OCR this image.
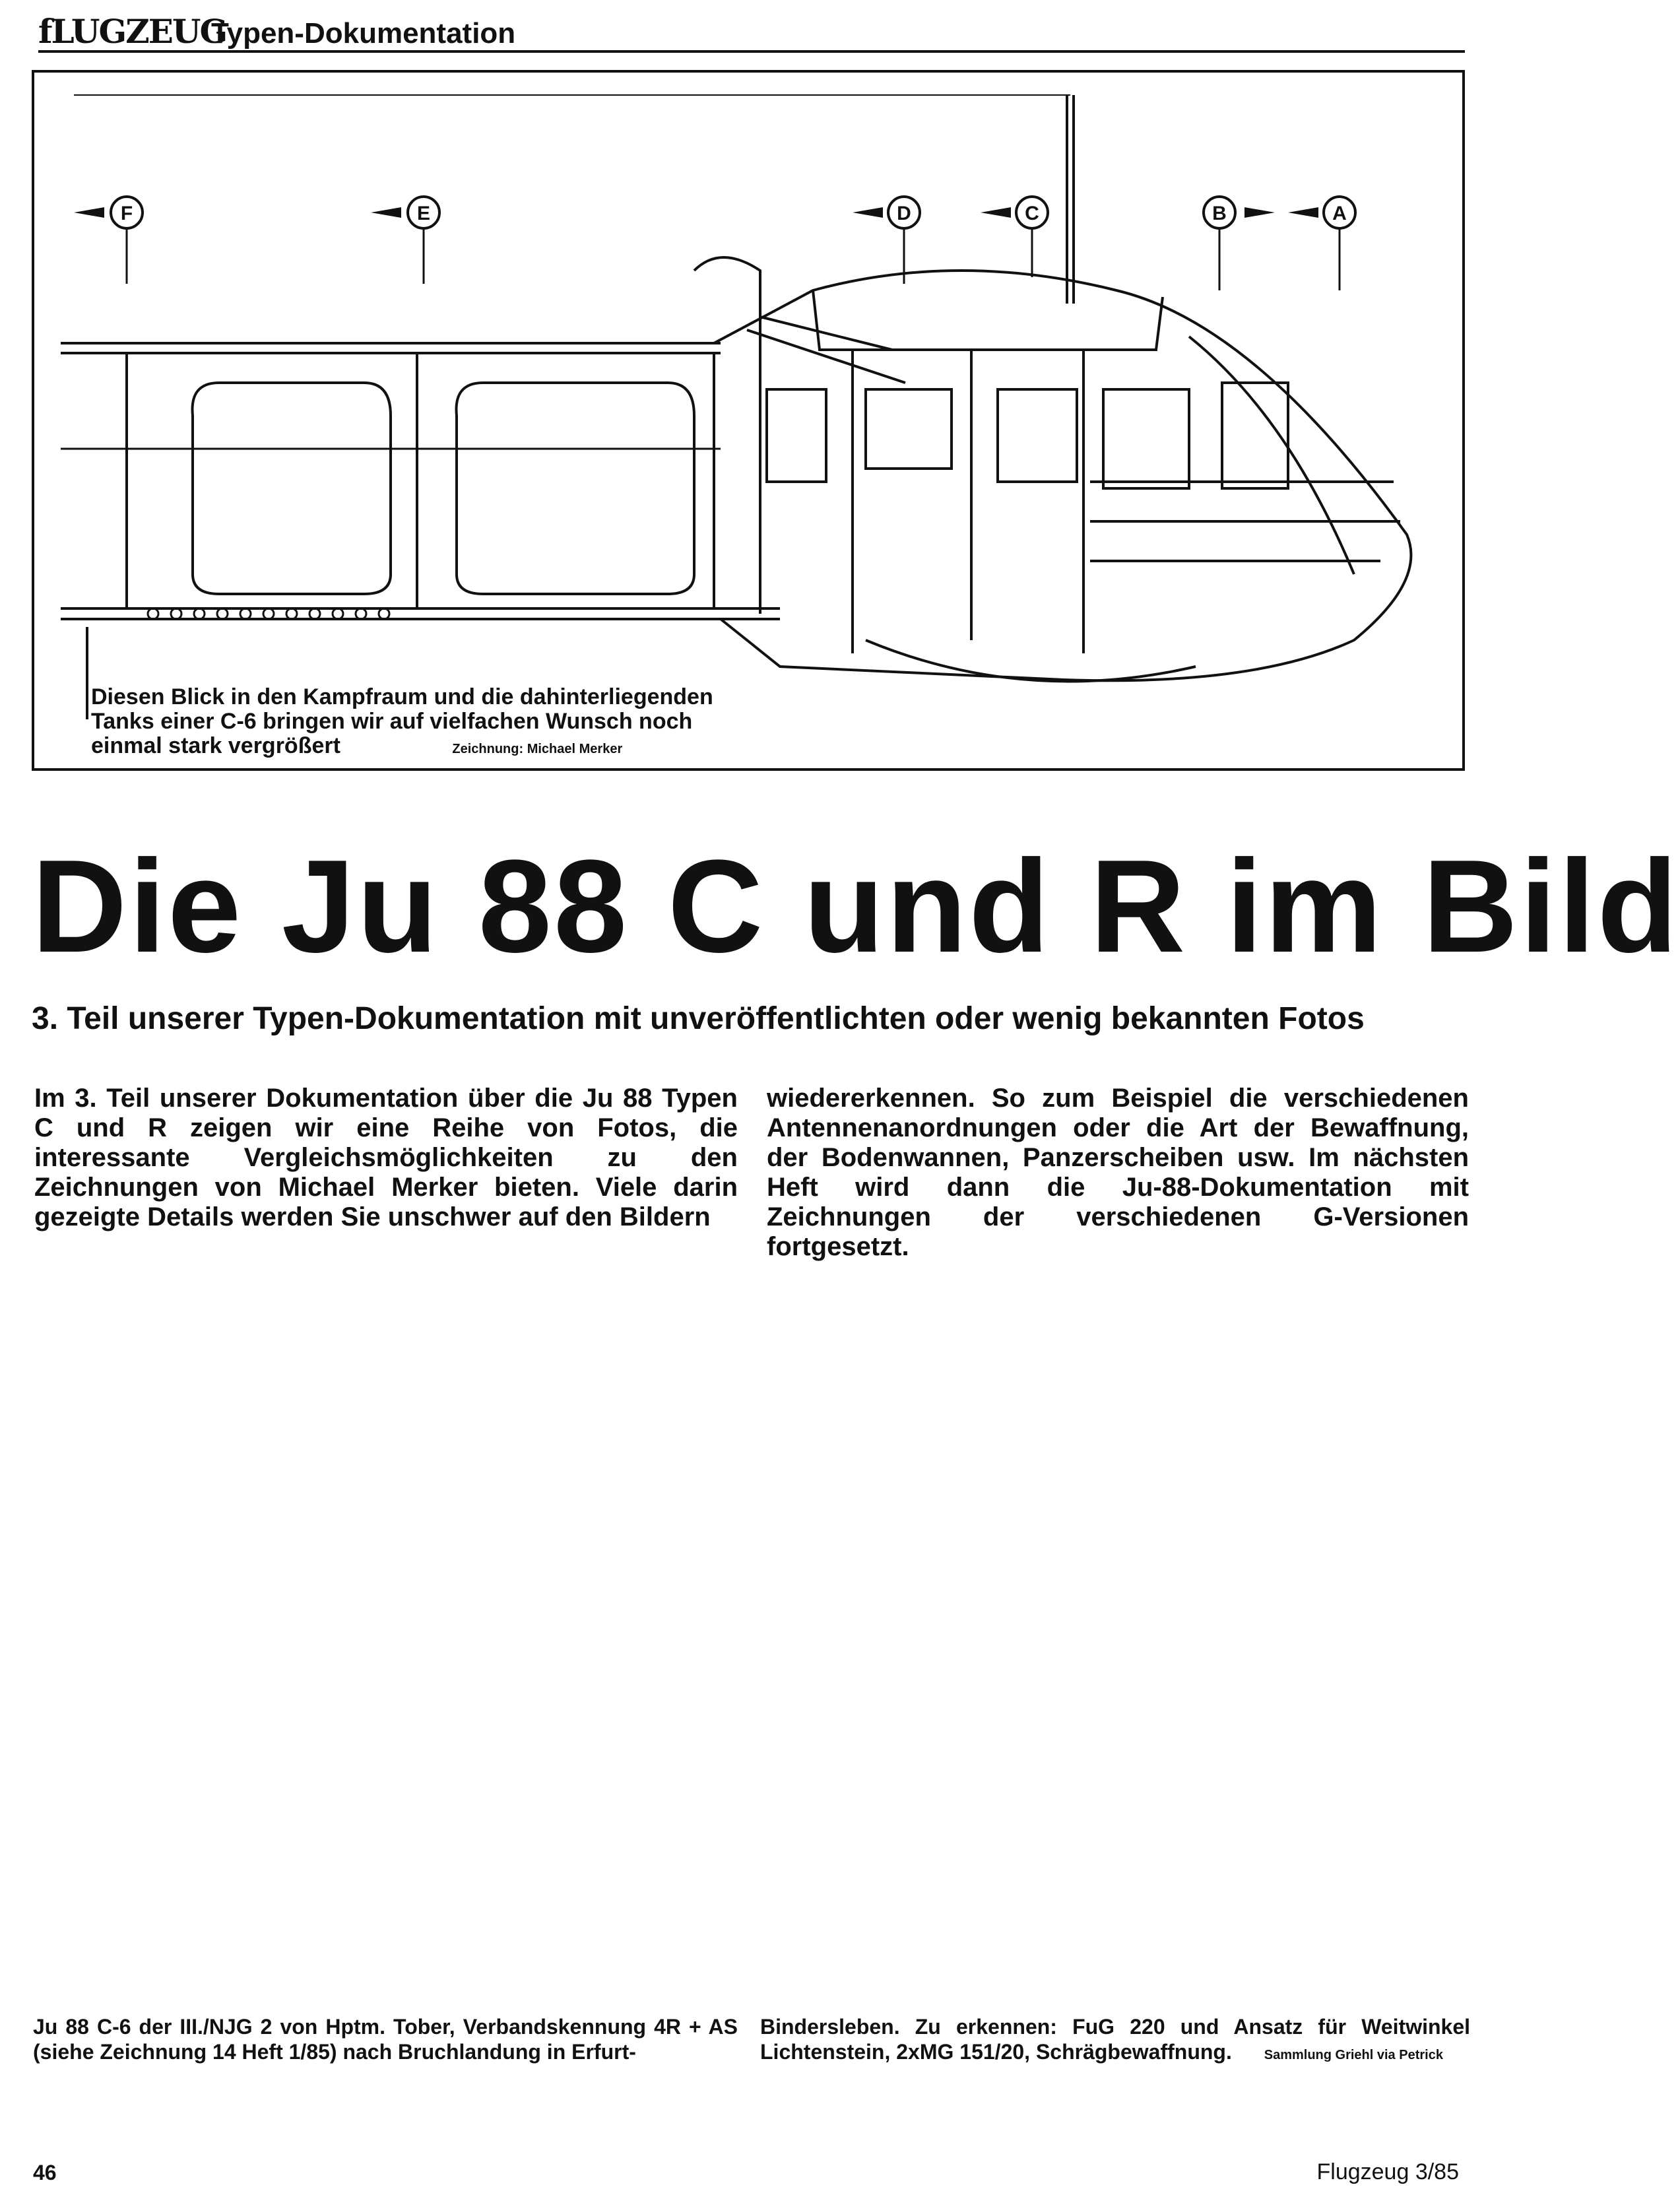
fLUGZEUG
Typen-Dokumentation
F	E	D	C	B	A
Diesen Blick in den Kampfraum und die dahinterliegenden Tanks einer C-6 bringen wir auf vielfachen Wunsch noch einmal stark vergrößert	Zeichnung: Michael Merker
Die Ju 88 C und R im Bild
3. Teil unserer Typen-Dokumentation mit unveröffentlichten oder wenig bekannten Fotos
Im 3. Teil unserer Dokumentation über die Ju 88 Typen C und R zeigen wir eine Reihe von Fotos, die interessante Vergleichsmöglichkeiten zu den Zeichnungen von Michael Merker bieten. Viele darin gezeigte Details werden Sie unschwer auf den Bildern
wiedererkennen. So zum Beispiel die verschiedenen Antennenanordnungen oder die Art der Bewaffnung, der Bodenwannen, Panzerscheiben usw. Im nächsten Heft wird dann die Ju-88-Dokumentation mit Zeichnungen der verschiedenen G-Versionen fortgesetzt.
Ju 88 C-6 der III./NJG 2 von Hptm. Tober, Verbandskennung 4R + AS (siehe Zeichnung 14 Heft 1/85) nach Bruchlandung in Erfurt-
Bindersleben. Zu erkennen: FuG 220 und Ansatz für Weitwinkel Lichtenstein, 2xMG 151/20, Schrägbewaffnung. Sammlung Griehl via Petrick
46	Flugzeug 3/85
